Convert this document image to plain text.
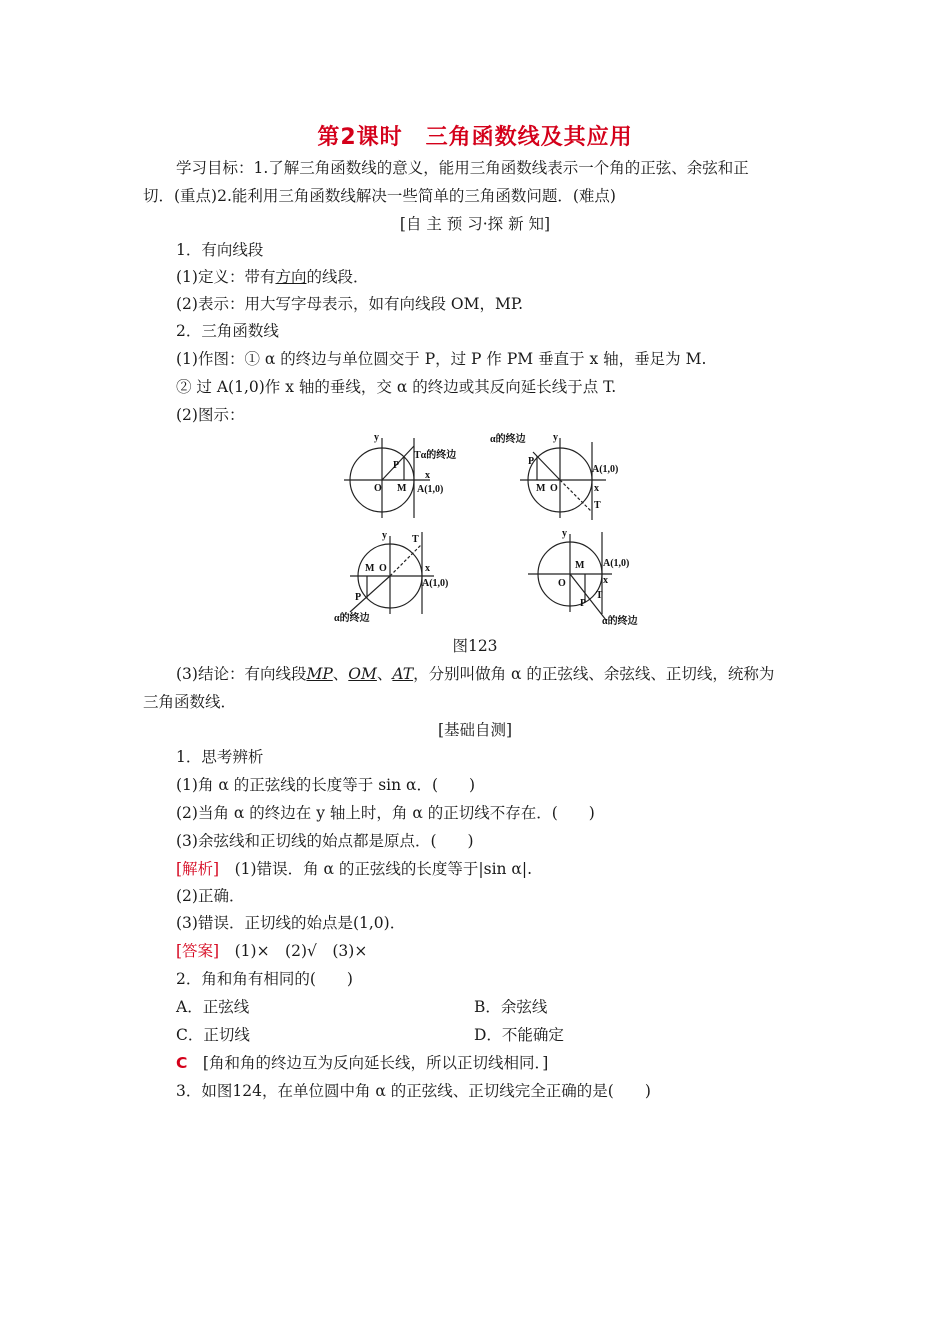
第2课时　三角函数线及其应用
学习目标：1.了解三角函数线的意义，能用三角函数线表示一个角的正弦、余弦和正
切．(重点)2.能利用三角函数线解决一些简单的三角函数问题．(难点)
[自 主 预 习·探 新 知]
1．有向线段
(1)定义：带有方向的线段．
(2)表示：用大写字母表示，如有向线段 OM，MP.
2．三角函数线
(1)作图：① α 的终边与单位圆交于 P，过 P 作 PM 垂直于 x 轴，垂足为 M.
② 过 A(1,0)作 x 轴的垂线，交 α 的终边或其反向延长线于点 T.
(2)图示：
y
x
P
O M A(1,0)
Tα的终边
α的终边	y
P
A(1,0)
M O	x
T
y	T
M O	x
A(1,0)
P
α的终边
y
A(1,0)
M
O	x
T
P
α的终边
图123
(3)结论：有向线段MP、OM、AT，分别叫做角 α 的正弦线、余弦线、正切线，统称为
三角函数线．
[基础自测]
1．思考辨析
(1)角 α 的正弦线的长度等于 sin α．(　　)
(2)当角 α 的终边在 y 轴上时，角 α 的正切线不存在．(　　)
(3)余弦线和正切线的始点都是原点．(　　)
[解析]　(1)错误．角 α 的正弦线的长度等于|sin α|.
(2)正确．
(3)错误．正切线的始点是(1,0)．
[答案]　(1)×　(2)√　(3)×
2．角和角有相同的(　　)
A．正弦线	B．余弦线
C．正切线	D．不能确定
C　[角和角的终边互为反向延长线，所以正切线相同．]
3．如图124，在单位圆中角 α 的正弦线、正切线完全正确的是(　　)
